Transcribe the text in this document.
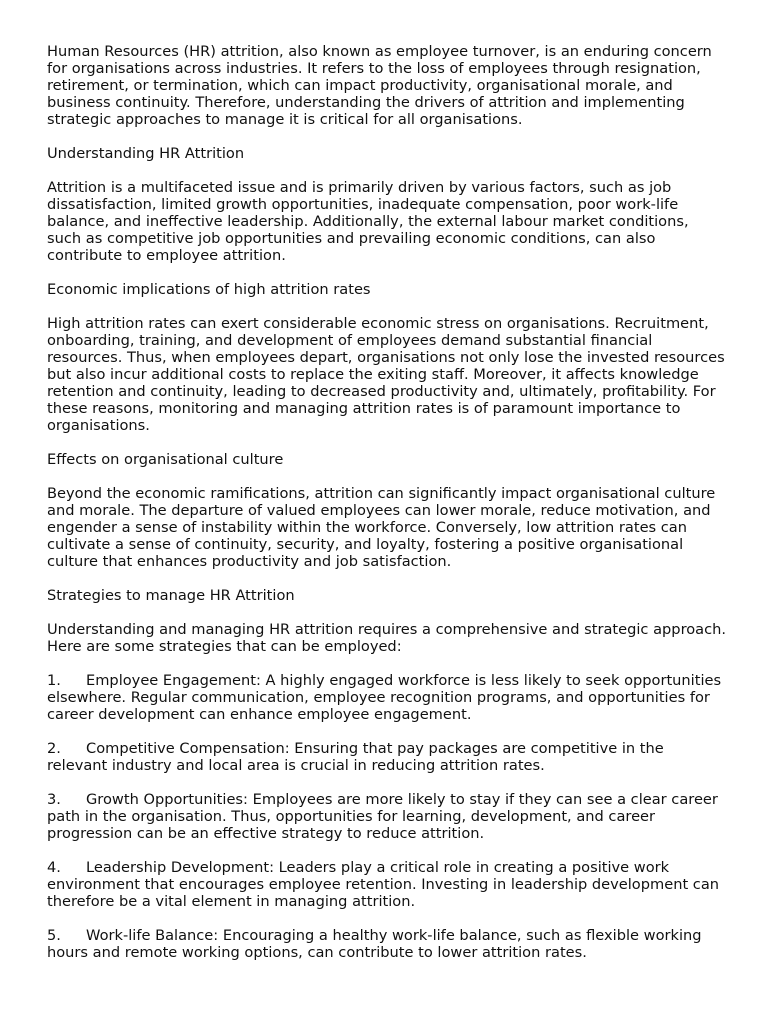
Human Resources (HR) attrition, also known as employee turnover, is an enduring concern for organisations across industries. It refers to the loss of employees through resignation, retirement, or termination, which can impact productivity, organisational morale, and business continuity. Therefore, understanding the drivers of attrition and implementing strategic approaches to manage it is critical for all organisations.

Understanding HR Attrition

Attrition is a multifaceted issue and is primarily driven by various factors, such as job dissatisfaction, limited growth opportunities, inadequate compensation, poor work-life balance, and ineffective leadership. Additionally, the external labour market conditions, such as competitive job opportunities and prevailing economic conditions, can also contribute to employee attrition.

Economic implications of high attrition rates

High attrition rates can exert considerable economic stress on organisations. Recruitment, onboarding, training, and development of employees demand substantial financial resources. Thus, when employees depart, organisations not only lose the invested resources but also incur additional costs to replace the exiting staff. Moreover, it affects knowledge retention and continuity, leading to decreased productivity and, ultimately, profitability. For these reasons, monitoring and managing attrition rates is of paramount importance to organisations.

Effects on organisational culture

Beyond the economic ramifications, attrition can significantly impact organisational culture and morale. The departure of valued employees can lower morale, reduce motivation, and engender a sense of instability within the workforce. Conversely, low attrition rates can cultivate a sense of continuity, security, and loyalty, fostering a positive organisational culture that enhances productivity and job satisfaction.

Strategies to manage HR Attrition

Understanding and managing HR attrition requires a comprehensive and strategic approach. Here are some strategies that can be employed:

1. Employee Engagement: A highly engaged workforce is less likely to seek opportunities elsewhere. Regular communication, employee recognition programs, and opportunities for career development can enhance employee engagement.

2. Competitive Compensation: Ensuring that pay packages are competitive in the relevant industry and local area is crucial in reducing attrition rates.

3. Growth Opportunities: Employees are more likely to stay if they can see a clear career path in the organisation. Thus, opportunities for learning, development, and career progression can be an effective strategy to reduce attrition.

4. Leadership Development: Leaders play a critical role in creating a positive work environment that encourages employee retention. Investing in leadership development can therefore be a vital element in managing attrition.

5. Work-life Balance: Encouraging a healthy work-life balance, such as flexible working hours and remote working options, can contribute to lower attrition rates.
